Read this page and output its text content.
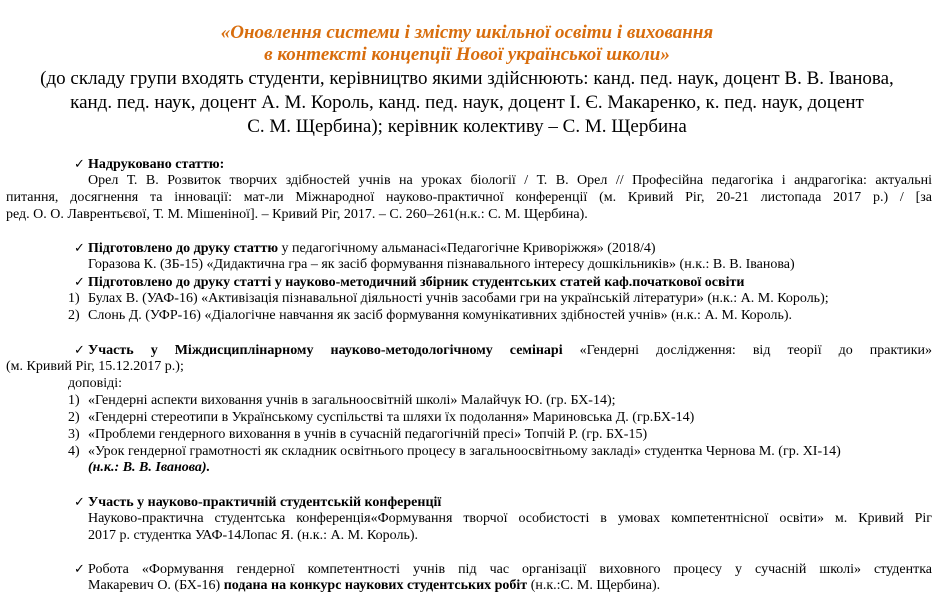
«Оновлення системи і змісту шкільної освіти і виховання
в контексті концепції Нової української школи»
(до складу групи входять студенти, керівництво якими здійснюють: канд. пед. наук, доцент В. В. Іванова,
канд. пед. наук, доцент А. М. Король, канд. пед. наук, доцент І. Є. Макаренко, к. пед. наук, доцент
С. М. Щербина); керівник колективу – С. М. Щербина
✓ Надруковано статтю:
Орел Т. В. Розвиток творчих здібностей учнів на уроках біології / Т. В. Орел // Професійна педагогіка і андрагогіка: актуальні
питання, досягнення та інновації: мат-ли Міжнародної науково-практичної конференції (м. Кривий Ріг, 20-21 листопада 2017 р.) / [за
ред. О. О. Лаврентьєвої, Т. М. Мішеніної]. – Кривий Ріг, 2017. – С. 260–261(н.к.: С. М. Щербина).
✓ Підготовлено до друку статтю у педагогічному альманасі«Педагогічне Криворіжжя» (2018/4)
Горазова К. (ЗБ-15) «Дидактична гра – як засіб формування пізнавального інтересу дошкільників» (н.к.: В. В. Іванова)
✓ Підготовлено до друку статті у науково-методичний збірник студентських статей каф.початкової освіти
1) Булах В. (УАФ-16) «Активізація пізнавальної діяльності учнів засобами гри на українській літератури» (н.к.: А. М. Король);
2) Слонь Д. (УФР-16) «Діалогічне навчання як засіб формування комунікативних здібностей учнів» (н.к.: А. М. Король).
✓ Участь у Міждисциплінарному науково-методологічному семінарі «Гендерні дослідження: від теорії до практики»
(м. Кривий Ріг, 15.12.2017 р.);
доповіді:
1) «Гендерні аспекти виховання учнів в загальноосвітній школі» Малайчук Ю. (гр. БХ-14);
2) «Гендерні стереотипи в Українському суспільстві та шляхи їх подолання» Мариновська Д. (гр.БХ-14)
3) «Проблеми гендерного виховання в учнів в сучасній педагогічній пресі» Топчій Р. (гр. БХ-15)
4) «Урок гендерної грамотності як складник освітнього процесу в загальноосвітньому закладі» студентка Чернова М. (гр. ХІ-14)
(н.к.: В. В. Іванова).
✓ Участь у науково-практичній студентській конференції
Науково-практична студентська конференція«Формування творчої особистості в умовах компетентнісної освіти» м. Кривий Ріг
2017 р. студентка УАФ-14Лопас Я. (н.к.: А. М. Король).
✓ Робота «Формування гендерної компетентності учнів під час організації виховного процесу у сучасній школі» студентка
Макаревич О. (БХ-16) подана на конкурс наукових студентських робіт (н.к.:С. М. Щербина).
